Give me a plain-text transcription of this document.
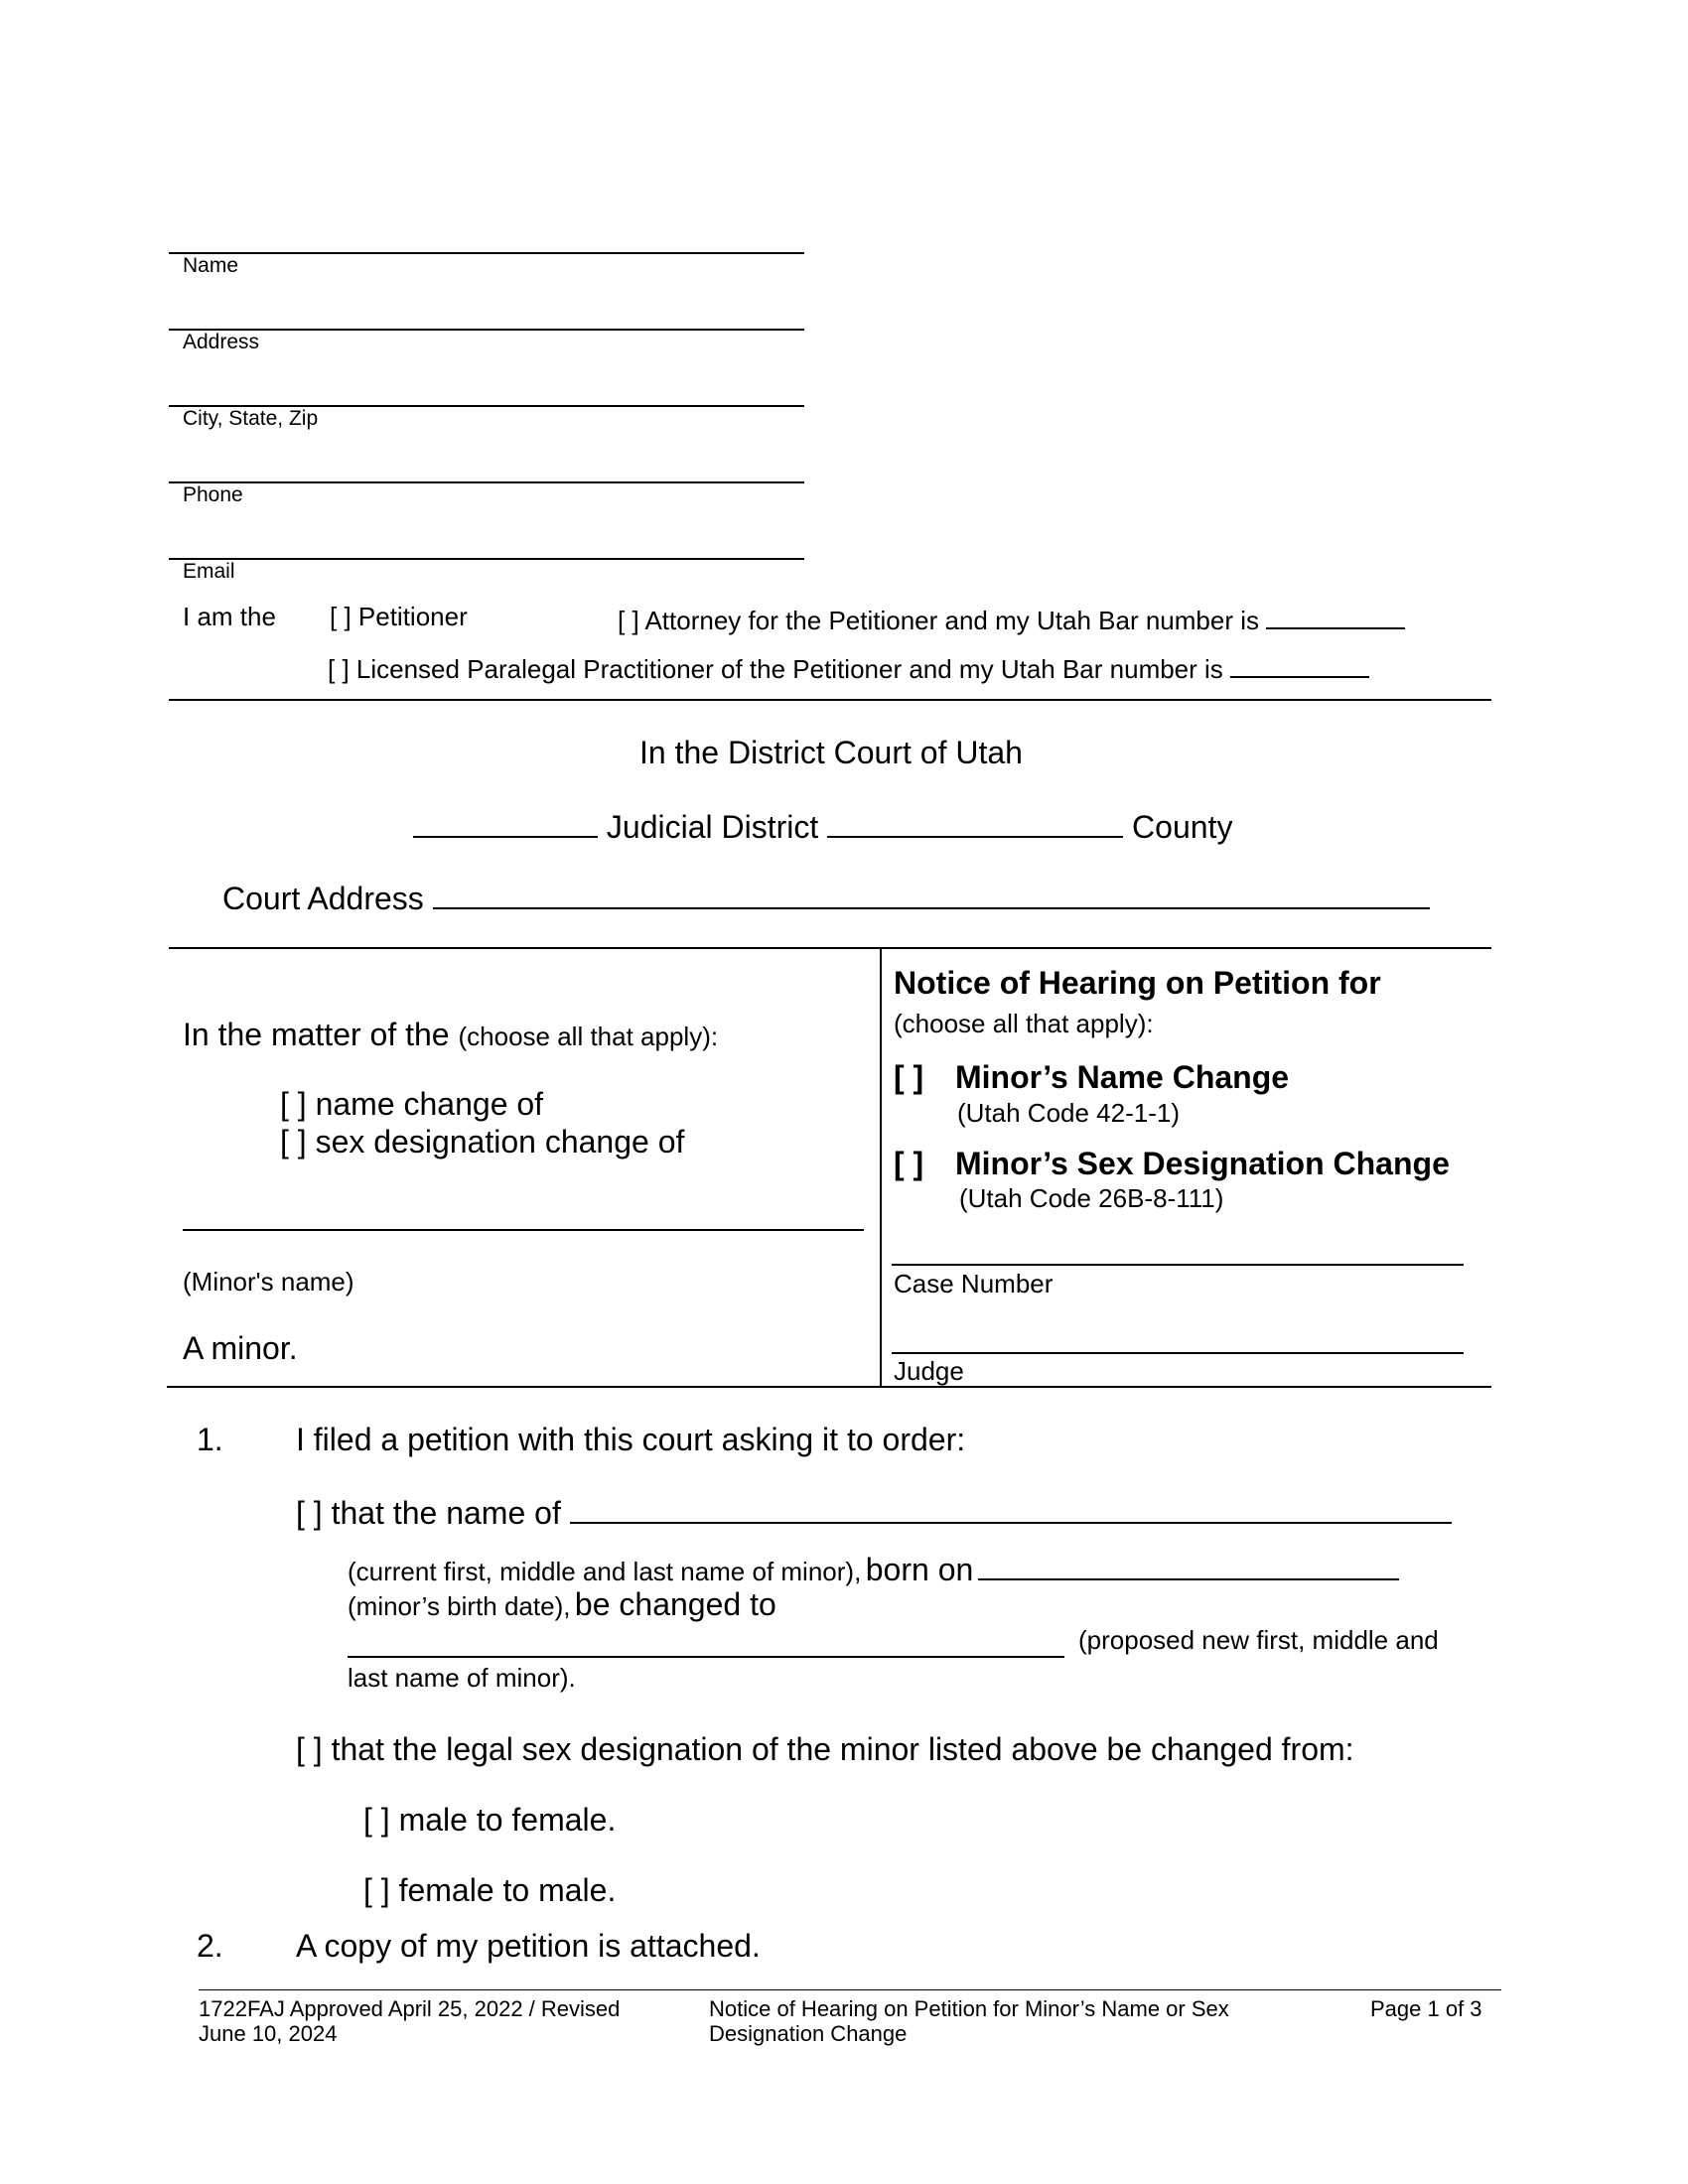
Name
Address
City, State, Zip
Phone
Email
I am the [ ] Petitioner	[ ] Attorney for the Petitioner and my Utah Bar number is
[ ] Licensed Paralegal Practitioner of the Petitioner and my Utah Bar number is
In the District Court of Utah
Judicial District	County
Court Address
In the matter of the (choose all that apply):
[ ] name change of
[ ] sex designation change of
(Minor's name)
A minor.
Notice of Hearing on Petition for
(choose all that apply):
[ ] Minor’s Name Change
(Utah Code 42-1-1)
[ ] Minor’s Sex Designation Change
(Utah Code 26B-8-111)
Case Number
Judge
1. I filed a petition with this court asking it to order:
[ ] that the name of
(current first, middle and last name of minor), born on
(minor’s birth date), be changed to
(proposed new first, middle and
last name of minor).
[ ] that the legal sex designation of the minor listed above be changed from:
[ ] male to female.
[ ] female to male.
2. A copy of my petition is attached.
1722FAJ Approved April 25, 2022 / Revised
June 10, 2024
Notice of Hearing on Petition for Minor’s Name or Sex
Designation Change
Page 1 of 3
